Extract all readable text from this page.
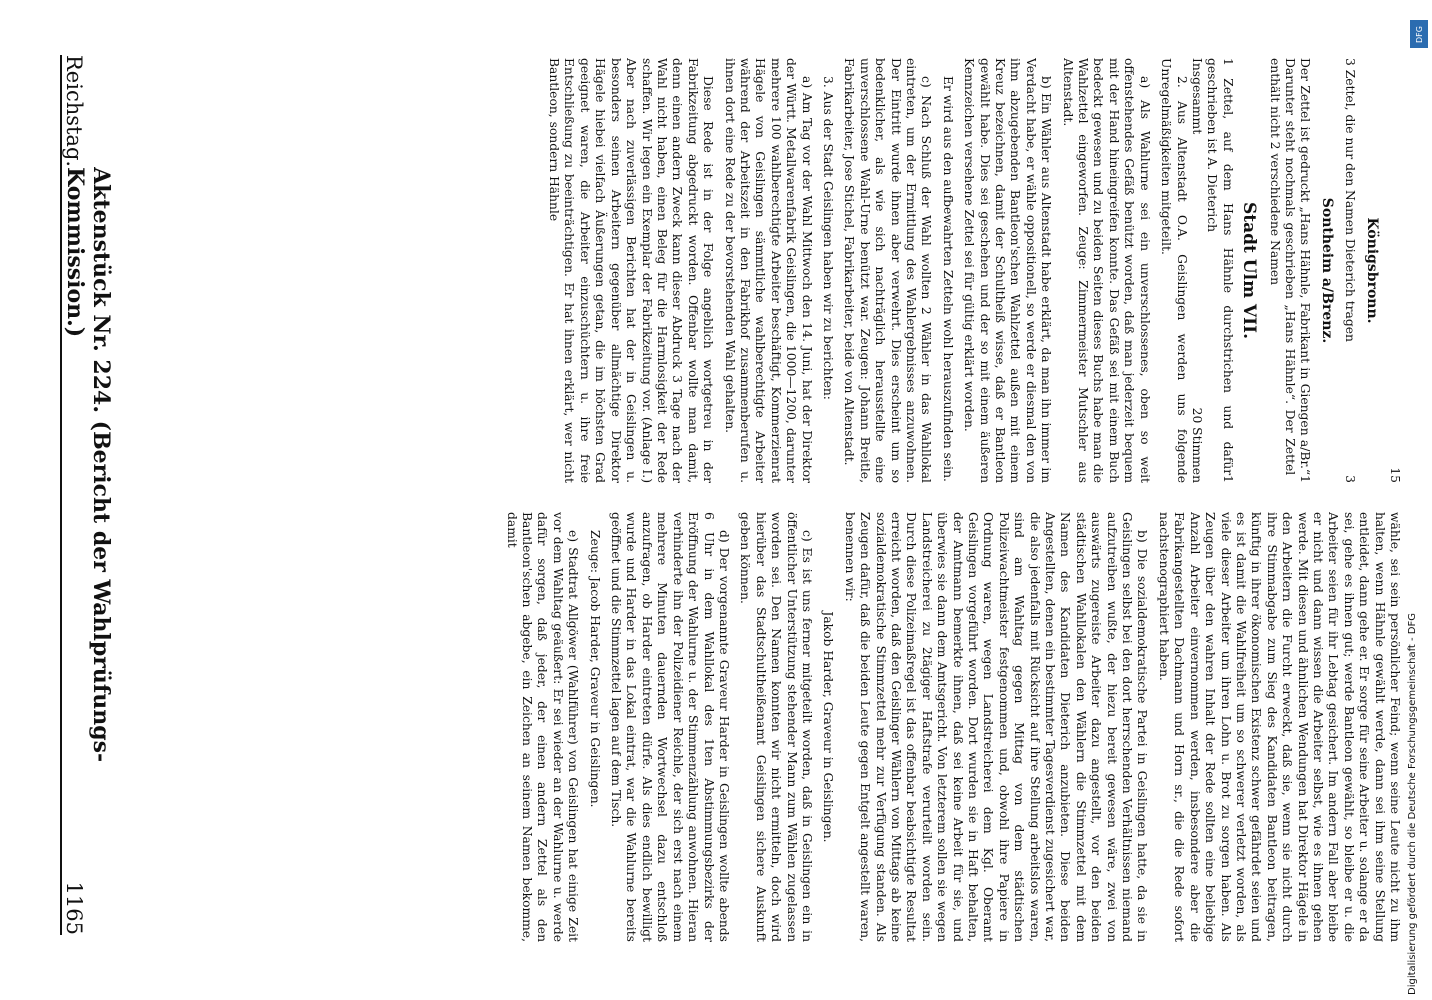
Reichstag.
Aktenstück Nr. 224. (Bericht der Wahlprüfungs-Kommission.)
1165
15
Königsbronn.
3 Zettel, die nur den Namen Dieterich tragen
3
Sontheim a/Brenz.
Der Zettel ist gedruckt „Hans Hähnle, Fabrikant in Giengen a/Br.“ Darunter steht nochmals geschrieben „Hans Hähnle“. Der Zettel enthält nicht 2 verschiedene Namen
1
Stadt Ulm VII.
1 Zettel, auf dem Hans Hähnle durchstrichen und dafür geschrieben ist A. Dieterich
1
Insgesammt
20 Stimmen

2. Aus Altenstadt O.A. Geislingen werden uns folgende Unregelmäßigkeiten mitgeteilt.

a) Als Wahlurne sei ein unverschlossenes, oben so weit offenstehendes Gefäß benützt worden, daß man jederzeit bequem mit der Hand hineingreifen konnte. Das Gefäß sei mit einem Buch bedeckt gewesen und zu beiden Seiten dieses Buchs habe man die Wahlzettel eingeworfen. Zeuge: Zimmermeister Mutschler aus Altenstadt.

b) Ein Wähler aus Altenstadt habe erklärt, da man ihn immer im Verdacht habe, er wähle oppositionell, so werde er diesmal den von ihm abzugebenden Bantleon'schen Wahlzettel außen mit einem Kreuz bezeichnen, damit der Schultheiß wisse, daß er Bantleon gewählt habe. Dies sei geschehen und der so mit einem äußeren Kennzeichen versehene Zettel sei für gültig erklärt worden.

Er wird aus den aufbewahrten Zetteln wohl herauszufinden sein.

c) Nach Schluß der Wahl wollten 2 Wähler in das Wahllokal eintreten, um der Ermittlung des Wahlergebnisses anzuwohnen. Der Eintritt wurde ihnen aber verwehrt. Dies erscheint um so bedenklicher, als wie sich nachträglich herausstellte eine unverschlossene Wahl-Urne benützt war. Zeugen: Johann Breitle, Fabrikarbeiter, Jose Stichel, Fabrikarbeiter, beide von Altenstadt.

3. Aus der Stadt Geislingen haben wir zu berichten:

a) Am Tag vor der Wahl Mittwoch den 14. Juni, hat der Direktor der Württ. Metallwarenfabrik Geislingen, die 1000—1200, darunter mehrere 100 wahlberechtigte Arbeiter beschäftigt, Kommerzienrat Hägele von Geislingen sämmtliche wahlberechtigte Arbeiter während der Arbeitszeit in den Fabrikhof zusammenberufen u. ihnen dort eine Rede zu der bevorstehenden Wahl gehalten.

Diese Rede ist in der Folge angeblich wortgetreu in der Fabrikzeitung abgedruckt worden. Offenbar wollte man damit, denn einen andern Zweck kann dieser Abdruck 3 Tage nach der Wahl nicht haben, einen Beleg für die Harmlosigkeit der Rede schaffen. Wir legen ein Exemplar der Fabrikzeitung vor. (Anlage I.) Aber nach zuverlässigen Berichten hat der in Geislingen u. besonders seinen Arbeitern gegenüber allmächtige Direktor Hägele hiebei vielfach Äußerungen getan, die im höchsten Grad geeignet waren, die Arbeiter einzuschüchtern u. ihre freie Entschließung zu beeinträchtigen. Er hat ihnen erklärt, wer nicht Bantleon, sondern Hähnle

wähle, sei sein persönlicher Feind; wenn seine Leute nicht zu ihm halten, wenn Hähnle gewählt werde, dann sei ihm seine Stellung entleidet, dann gehe er. Er sorge für seine Arbeiter u. solange er da sei, gehe es ihnen gut; werde Bantleon gewählt, so bleibe er u. die Arbeiter seien für ihr Lebtag gesichert. Im andern Fall aber bleibe er nicht und dann wissen die Arbeiter selbst, wie es ihnen gehen werde. Mit diesen und ähnlichen Wendungen hat Direktor Hägele in den Arbeitern die Furcht erweckt, daß sie, wenn sie nicht durch ihre Stimmabgabe zum Sieg des Kandidaten Bantleon beitragen, künftig in ihrer ökonomischen Existenz schwer gefährdet seien und es ist damit die Wahlfreiheit um so schwerer verletzt worden, als viele dieser Arbeiter um ihren Lohn u. Brot zu sorgen haben. Als Zeugen über den wahren Inhalt der Rede sollten eine beliebige Anzahl Arbeiter einvernommen werden, insbesondere aber die Fabrikangestellten Dachmann und Horn sr., die die Rede sofort nachstenographiert haben.

b) Die sozialdemokratische Partei in Geislingen hatte, da sie in Geislingen selbst bei den dort herrschenden Verhältnissen niemand aufzutreiben wußte, der hiezu bereit gewesen wäre, zwei von auswärts zugereiste Arbeiter dazu angestellt, vor den beiden städtischen Wahllokalen den Wählern die Stimmzettel mit dem Namen des Kandidaten Dieterich anzubieten. Diese beiden Angestellten, denen ein bestimmter Tagesverdienst zugesichert war, die also jedenfalls mit Rücksicht auf ihre Stellung arbeitslos waren, sind am Wahltag gegen Mittag von dem städtischen Polizeiwachtmeister festgenommen und, obwohl ihre Papiere in Ordnung waren, wegen Landstreicherei dem Kgl. Oberamt Geislingen vorgeführt worden. Dort wurden sie in Haft behalten, der Amtmann bemerkte ihnen, daß sei keine Arbeit für sie, und überwies sie dann dem Amtsgericht. Von letzterem sollen sie wegen Landstreicherei zu 2tägiger Haftstrafe verurteilt worden sein. Durch diese Polizeimaßregel ist das offenbar beabsichtigte Resultat erreicht worden, daß den Geislinger Wählern von Mittags ab keine sozialdemokratische Stimmzettel mehr zur Verfügung standen. Als Zeugen dafür, daß die beiden Leute gegen Entgelt angestellt waren, benennen wir:

Jakob Harder, Graveur in Geislingen.

c) Es ist uns ferner mitgeteilt worden, daß in Geislingen ein in öffentlicher Unterstützung stehender Mann zum Wählen zugelassen worden sei. Den Namen konnten wir nicht ermitteln, doch wird hierüber das Stadtschultheißenamt Geislingen sichere Auskunft geben können.

d) Der vorgenannte Graveur Harder in Geislingen wollte abends 6 Uhr in dem Wahllokal des 1ten Abstimmungsbezirks der Eröffnung der Wahlurne u. der Stimmenzählung anwohnen. Hieran verhinderte ihn der Polizeidiener Reichle, der sich erst nach einem mehrere Minuten dauernden Wortwechsel dazu entschloß anzufragen, ob Harder eintreten dürfe. Als dies endlich bewilligt wurde und Harder in das Lokal eintrat, war die Wahlurne bereits geöffnet und die Stimmzettel lagen auf dem Tisch.

Zeuge: Jacob Harder, Graveur in Geislingen.

e) Stadtrat Allgöwer (Wahlführer) von Geislingen hat einige Zeit vor dem Wahltag geäußert: Er sei wieder an der Wahlurne u. werde dafür sorgen, daß jeder, der einen andern Zettel als den Bantleon'schen abgebe, ein Zeichen an seinem Namen bekomme, damit

Digitalisierung gefördert durch die Deutsche Forschungsgemeinschaft - DFG
DFG
